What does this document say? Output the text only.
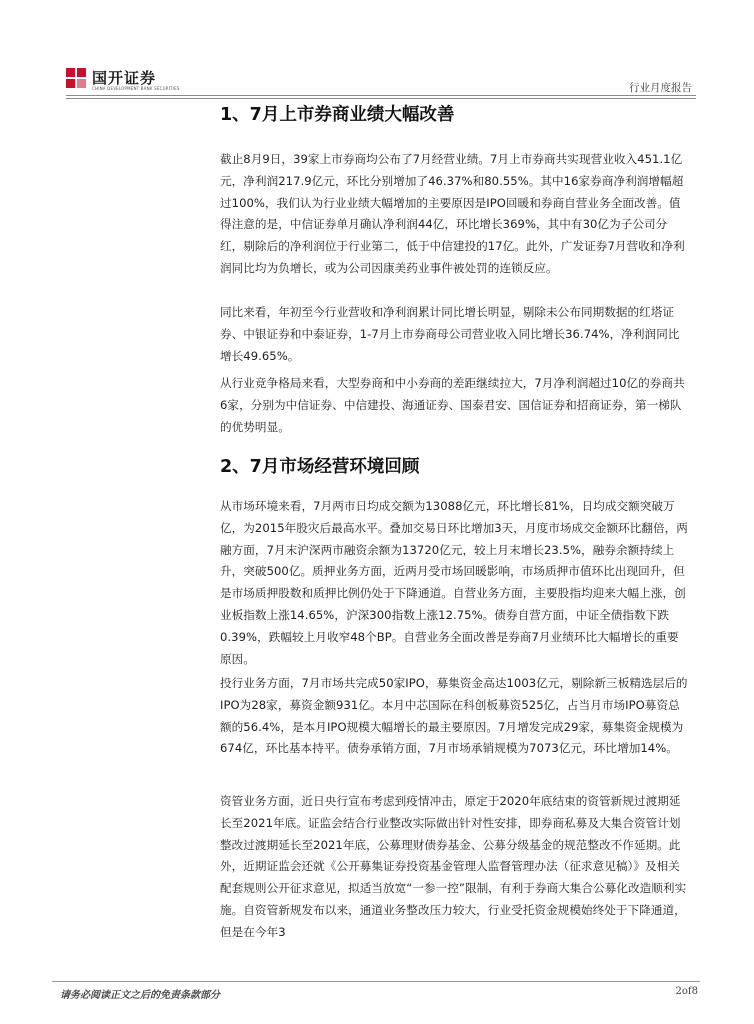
国开证券
CHINA DEVELOPMENT BANK SECURITIES	行业月度报告
1、7月上市券商业绩大幅改善
截止8月9日，39家上市券商均公布了7月经营业绩。7月上市券商共实现营业收入451.1亿元，净利润217.9亿元，环比分别增加了46.37%和80.55%。其中16家券商净利润增幅超过100%，我们认为行业业绩大幅增加的主要原因是IPO回暖和券商自营业务全面改善。值得注意的是，中信证券单月确认净利润44亿，环比增长369%，其中有30亿为子公司分红，剔除后的净利润位于行业第二，低于中信建投的17亿。此外，广发证券7月营收和净利润同比均为负增长，或为公司因康美药业事件被处罚的连锁反应。
同比来看，年初至今行业营收和净利润累计同比增长明显，剔除未公布同期数据的红塔证券、中银证券和中泰证券，1-7月上市券商母公司营业收入同比增长36.74%，净利润同比增长49.65%。
从行业竞争格局来看，大型券商和中小券商的差距继续拉大，7月净利润超过10亿的券商共6家，分别为中信证券、中信建投、海通证券、国泰君安、国信证券和招商证券，第一梯队的优势明显。
2、7月市场经营环境回顾
从市场环境来看，7月两市日均成交额为13088亿元，环比增长81%，日均成交额突破万亿，为2015年股灾后最高水平。叠加交易日环比增加3天，月度市场成交金额环比翻倍，两融方面，7月末沪深两市融资余额为13720亿元，较上月末增长23.5%，融券余额持续上升，突破500亿。质押业务方面，近两月受市场回暖影响，市场质押市值环比出现回升，但是市场质押股数和质押比例仍处于下降通道。自营业务方面，主要股指均迎来大幅上涨，创业板指数上涨14.65%，沪深300指数上涨12.75%。债券自营方面，中证全债指数下跌0.39%，跌幅较上月收窄48个BP。自营业务全面改善是券商7月业绩环比大幅增长的重要原因。
投行业务方面，7月市场共完成50家IPO，募集资金高达1003亿元，剔除新三板精选层后的IPO为28家，募资金额931亿。本月中芯国际在科创板募资525亿，占当月市场IPO募资总额的56.4%，是本月IPO规模大幅增长的最主要原因。7月增发完成29家，募集资金规模为674亿，环比基本持平。债券承销方面，7月市场承销规模为7073亿元，环比增加14%。
资管业务方面，近日央行宣布考虑到疫情冲击，原定于2020年底结束的资管新规过渡期延长至2021年底。证监会结合行业整改实际做出针对性安排，即券商私募及大集合资管计划整改过渡期延长至2021年底，公募理财债券基金、公募分级基金的规范整改不作延期。此外，近期证监会还就《公开募集证券投资基金管理人监督管理办法（征求意见稿）》及相关配套规则公开征求意见，拟适当放宽“一参一控”限制，有利于券商大集合公募化改造顺利实施。自资管新规发布以来，通道业务整改压力较大，行业受托资金规模始终处于下降通道，但是在今年3
请务必阅读正文之后的免责条款部分	2of8
